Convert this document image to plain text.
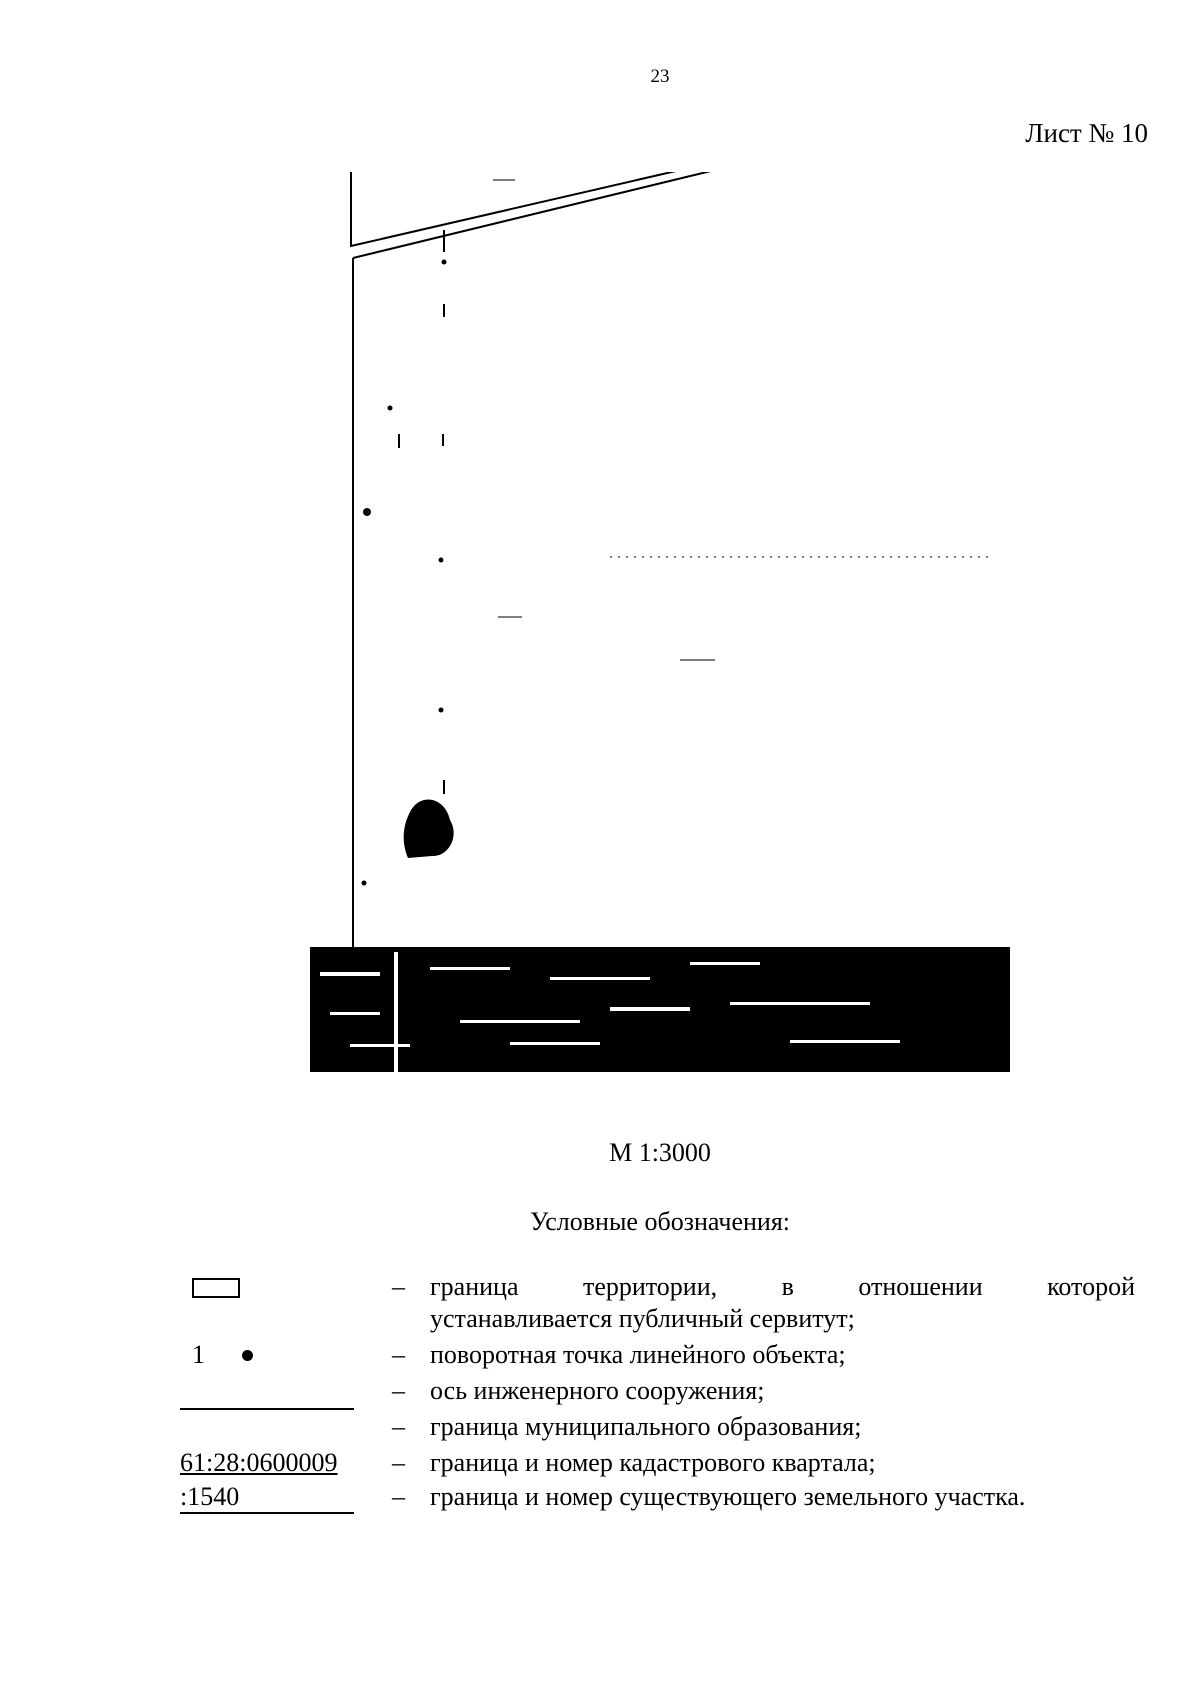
23
Лист № 10
М 1:3000
Условные обозначения:
– граница территории, в отношении которой
устанавливается публичный сервитут;
1	– поворотная точка линейного объекта;
– ось инженерного сооружения;
– граница муниципального образования;
61:28:0600009 – граница и номер кадастрового квартала;
:1540	– граница и номер существующего земельного участка.
